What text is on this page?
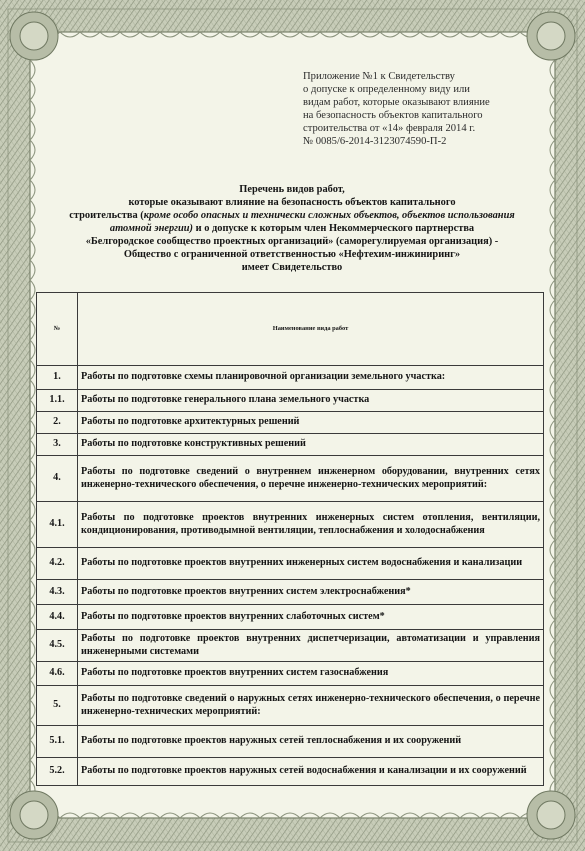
Приложение №1 к Свидетельству
о допуске к определенному виду или
видам работ, которые оказывают влияние
на безопасность объектов капитального
строительства от «14» февраля 2014 г.
№ 0085/6-2014-3123074590-П-2
Перечень видов работ,
которые оказывают влияние на безопасность объектов капитального
строительства (кроме особо опасных и технически сложных объектов, объектов использования
атомной энергии) и о допуске к которым член Некоммерческого партнерства
«Белгородское сообщество проектных организаций» (саморегулируемая организация) -
Общество с ограниченной ответственностью «Нефтехим-инжиниринг»
имеет Свидетельство
№	Наименование вида работ
1.	Работы по подготовке схемы планировочной организации земельного участка:
1.1.	Работы по подготовке генерального плана земельного участка
2.	Работы по подготовке архитектурных решений
3.	Работы по подготовке конструктивных решений
4.	Работы по подготовке сведений о внутреннем инженерном оборудовании, внутренних сетях инженерно-технического обеспечения, о перечне инженерно-технических мероприятий:
4.1.	Работы по подготовке проектов внутренних инженерных систем отопления, вентиляции, кондиционирования, противодымной вентиляции, теплоснабжения и холодоснабжения
4.2.	Работы по подготовке проектов внутренних инженерных систем водоснабжения и канализации
4.3.	Работы по подготовке проектов внутренних систем электроснабжения*
4.4.	Работы по подготовке проектов внутренних слаботочных систем*
4.5.	Работы по подготовке проектов внутренних диспетчеризации, автоматизации и управления инженерными системами
4.6.	Работы по подготовке проектов внутренних систем газоснабжения
5.	Работы по подготовке сведений о наружных сетях инженерно-технического обеспечения, о перечне инженерно-технических мероприятий:
5.1.	Работы по подготовке проектов наружных сетей теплоснабжения и их сооружений
5.2.	Работы по подготовке проектов наружных сетей водоснабжения и канализации и их сооружений
